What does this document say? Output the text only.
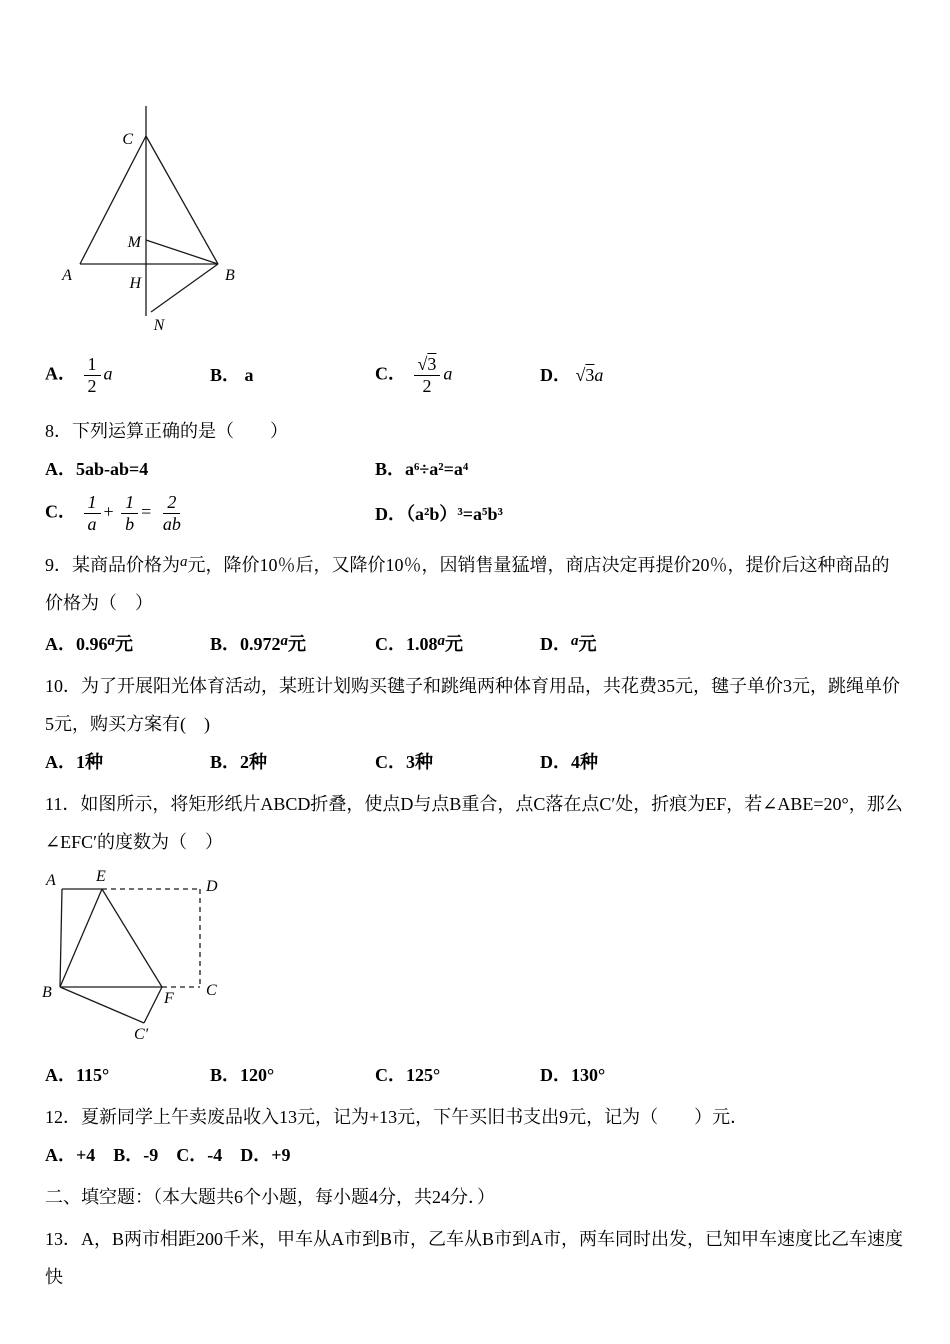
C
M
A	H	B
N
A． $\frac{1}{2}$ a	B． a	C． $\frac{√3}{2}$ a	D． √3a

8．下列运算正确的是（　　）

A．5ab-ab=4	B．a⁶÷a²=a⁴
C． $\frac{1}{a} + \frac{1}{b} = \frac{2}{ab}$	D．（a²b）³=a⁵b³

9．某商品价格为$^a$元，降价10％后，又降价10％，因销售量猛增，商店决定再提价20％，提价后这种商品的价格为（　）

A．0.96$^a$元	B．0.972$^a$元	C．1.08$^a$元	D．$^a$元

10．为了开展阳光体育活动，某班计划购买毽子和跳绳两种体育用品，共花费35元，毽子单价3元，跳绳单价5元，购买方案有(　)

A．1种	B．2种	C．3种	D．4种

11．如图所示，将矩形纸片ABCD折叠，使点D与点B重合，点C落在点C′处，折痕为EF，若∠ABE=20°，那么∠EFC′的度数为（　）

A	E
D
B	F C
C′
A．115°	B．120°	C．125°	D．130°

12．夏新同学上午卖废品收入13元，记为+13元，下午买旧书支出9元，记为（　　）元．

A．+4　B．-9　C．-4　D．+9

二、填空题：（本大题共6个小题，每小题4分，共24分．）

13．A，B两市相距200千米，甲车从A市到B市，乙车从B市到A市，两车同时出发，已知甲车速度比乙车速度快
